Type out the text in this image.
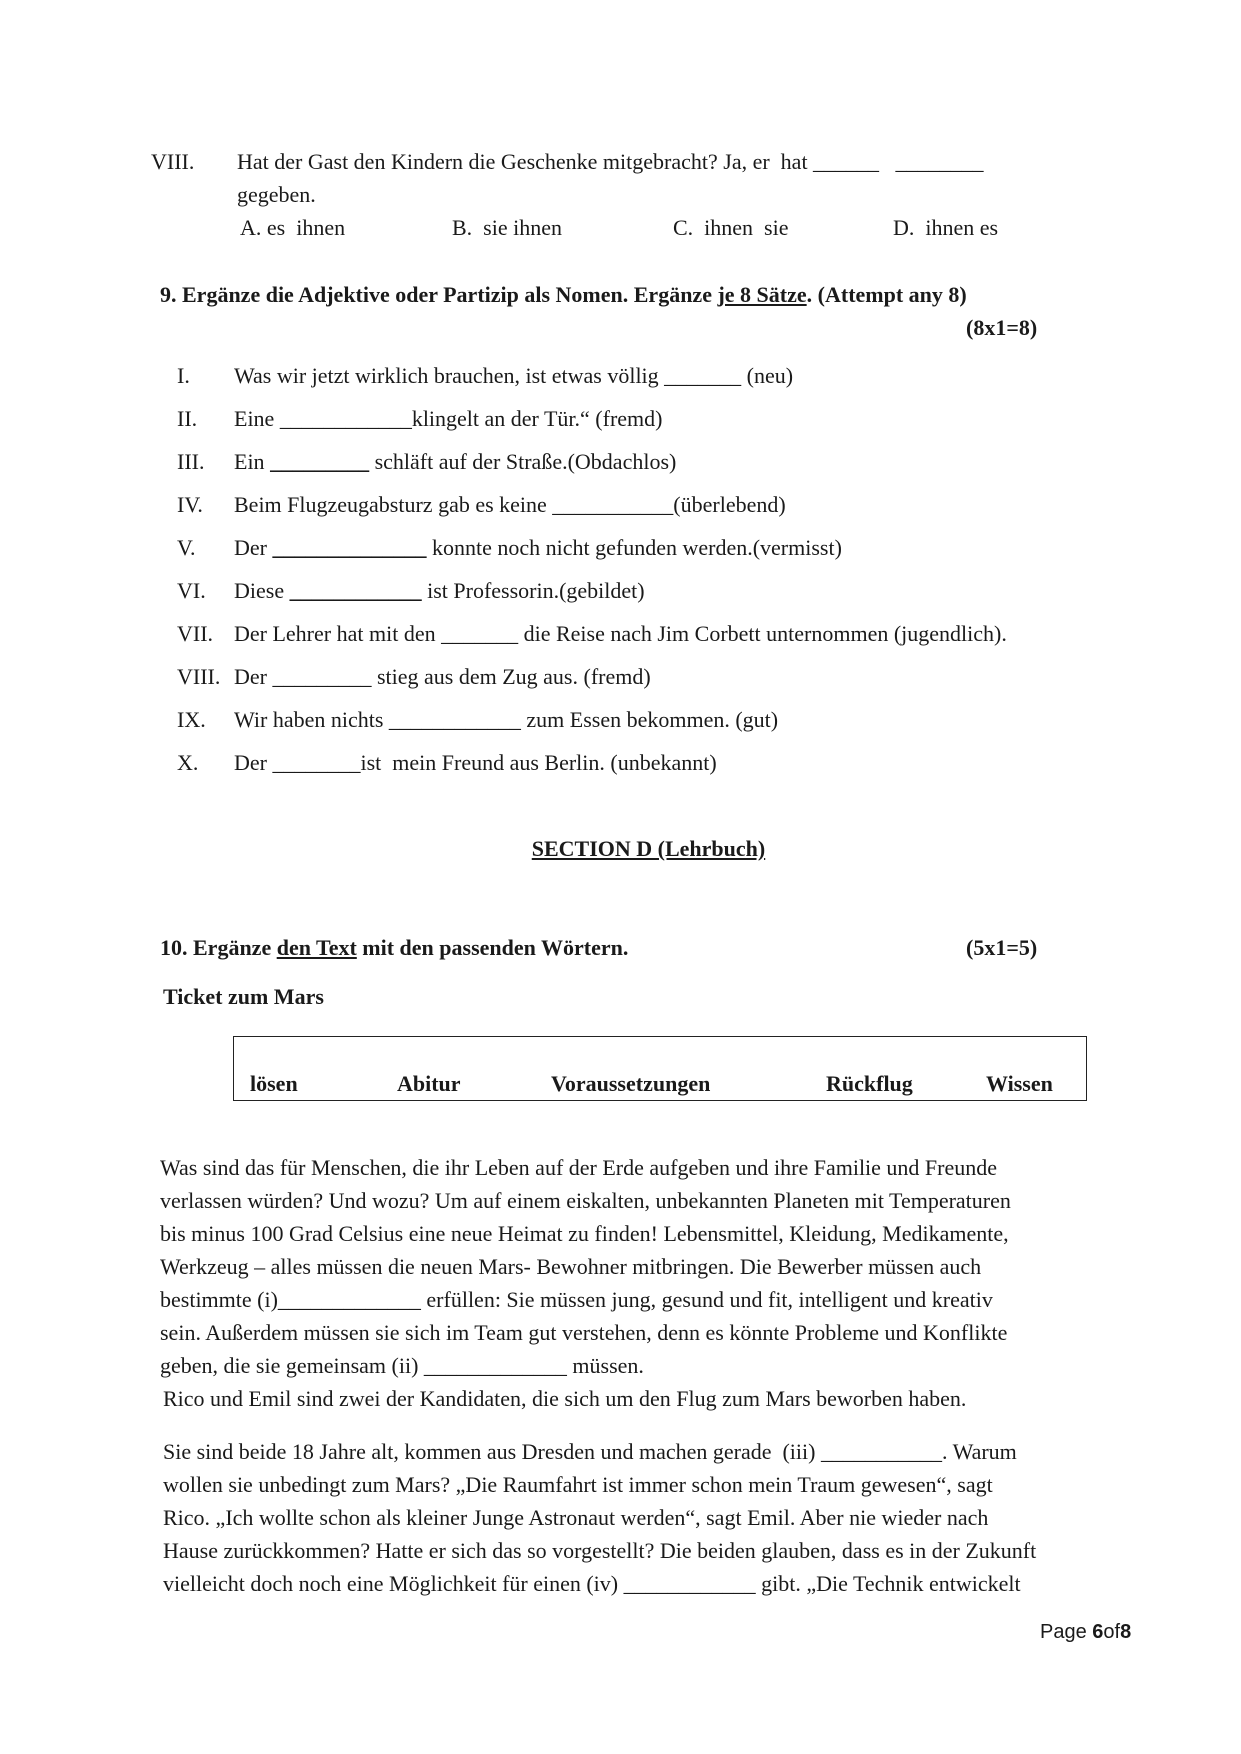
VIII. Hat der Gast den Kindern die Geschenke mitgebracht? Ja, er  hat ______   ________
gegeben.
A. es  ihnen	B.  sie ihnen	C.  ihnen  sie	D.  ihnen es
9. Ergänze die Adjektive oder Partizip als Nomen. Ergänze je 8 Sätze. (Attempt any 8)
(8x1=8)
I. Was wir jetzt wirklich brauchen, ist etwas völlig _______ (neu)
II. Eine ____________klingelt an der Tür.“ (fremd)
III. Ein _________ schläft auf der Straße.(Obdachlos)
IV. Beim Flugzeugabsturz gab es keine ___________(überlebend)
V. Der ______________ konnte noch nicht gefunden werden.(vermisst)
VI. Diese ____________ ist Professorin.(gebildet)
VII. Der Lehrer hat mit den _______ die Reise nach Jim Corbett unternommen (jugendlich).
VIII. Der _________ stieg aus dem Zug aus. (fremd)
IX. Wir haben nichts ____________ zum Essen bekommen. (gut)
X. Der ________ist  mein Freund aus Berlin. (unbekannt)
SECTION D (Lehrbuch)
10. Ergänze den Text mit den passenden Wörtern.	(5x1=5)
Ticket zum Mars
lösen	Abitur	Voraussetzungen	Rückflug	Wissen

Was sind das für Menschen, die ihr Leben auf der Erde aufgeben und ihre Familie und Freunde

verlassen würden? Und wozu? Um auf einem eiskalten, unbekannten Planeten mit Temperaturen

bis minus 100 Grad Celsius eine neue Heimat zu finden! Lebensmittel, Kleidung, Medikamente,

Werkzeug – alles müssen die neuen Mars- Bewohner mitbringen. Die Bewerber müssen auch

bestimmte (i)_____________ erfüllen: Sie müssen jung, gesund und fit, intelligent und kreativ

sein. Außerdem müssen sie sich im Team gut verstehen, denn es könnte Probleme und Konflikte

geben, die sie gemeinsam (ii) _____________ müssen.

Rico und Emil sind zwei der Kandidaten, die sich um den Flug zum Mars beworben haben.

Sie sind beide 18 Jahre alt, kommen aus Dresden und machen gerade  (iii) ___________. Warum

wollen sie unbedingt zum Mars? „Die Raumfahrt ist immer schon mein Traum gewesen“, sagt

Rico. „Ich wollte schon als kleiner Junge Astronaut werden“, sagt Emil. Aber nie wieder nach

Hause zurückkommen? Hatte er sich das so vorgestellt? Die beiden glauben, dass es in der Zukunft

vielleicht doch noch eine Möglichkeit für einen (iv) ____________ gibt. „Die Technik entwickelt

Page 6of8
